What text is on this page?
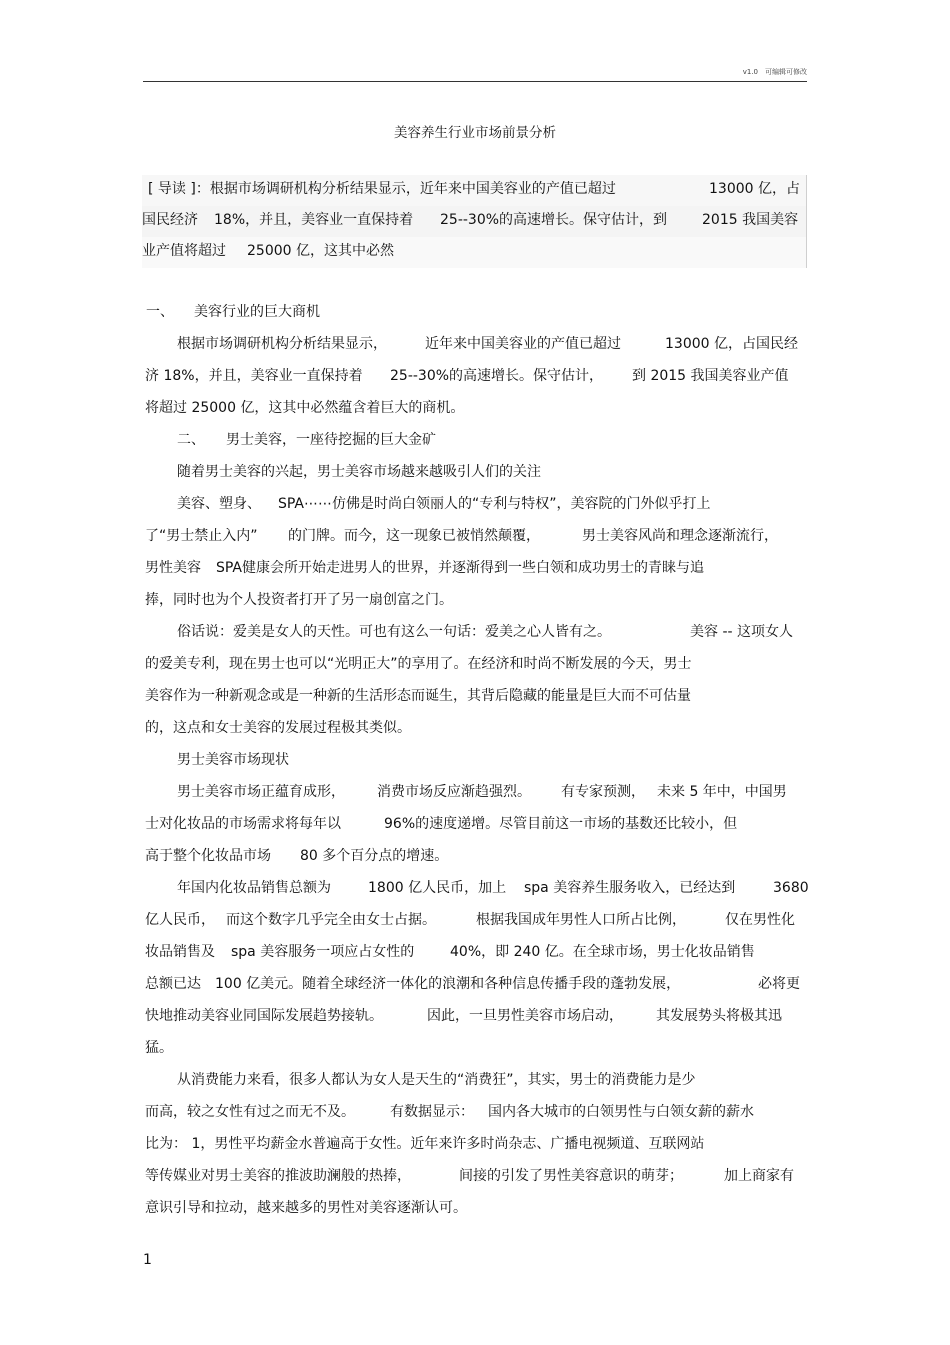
v1.0　可编辑可修改
美容养生行业市场前景分析
[ 导读 ]：根据市场调研机构分析结果显示，近年来中国美容业的产值已超过	13000 亿，占
国民经济 18%，并且，美容业一直保持着 25--30%的高速增长。保守估计，到 2015 我国美容
业产值将超过 25000 亿，这其中必然
一、 美容行业的巨大商机
根据市场调研机构分析结果显示，	近年来中国美容业的产值已超过	13000 亿，占国民经
济 18%，并且，美容业一直保持着 25--30%的高速增长。保守估计， 到 2015 我国美容业产值
将超过 25000 亿，这其中必然蕴含着巨大的商机。
二、 男士美容，一座待挖掘的巨大金矿
随着男士美容的兴起，男士美容市场越来越吸引人们的关注
美容、塑身、 SPA⋯⋯仿佛是时尚白领丽人的“专利与特权”，美容院的门外似乎打上
了“男士禁止入内” 的门牌。而今，这一现象已被悄然颠覆，	男士美容风尚和理念逐渐流行，
男性美容 SPA健康会所开始走进男人的世界，并逐渐得到一些白领和成功男士的青睐与追
捧，同时也为个人投资者打开了另一扇创富之门。
俗话说：爱美是女人的天性。可也有这么一句话：爱美之心人皆有之。	美容 -- 这项女人
的爱美专利，现在男士也可以“光明正大”的享用了。在经济和时尚不断发展的今天，男士
美容作为一种新观念或是一种新的生活形态而诞生，其背后隐藏的能量是巨大而不可估量
的，这点和女士美容的发展过程极其类似。
男士美容市场现状
男士美容市场正蕴育成形， 消费市场反应渐趋强烈。 有专家预测， 未来 5 年中，中国男
士对化妆品的市场需求将每年以	96%的速度递增。尽管目前这一市场的基数还比较小，但
高于整个化妆品市场 80 多个百分点的增速。
年国内化妆品销售总额为	1800 亿人民币，加上 spa 美容养生服务收入，已经达到	3680
亿人民币， 而这个数字几乎完全由女士占据。	根据我国成年男性人口所占比例，	仅在男性化
妆品销售及 spa 美容服务一项应占女性的	40%，即 240 亿。在全球市场，男士化妆品销售
总额已达 100 亿美元。随着全球经济一体化的浪潮和各种信息传播手段的蓬勃发展，	必将更
快地推动美容业同国际发展趋势接轨。	因此，一旦男性美容市场启动， 其发展势头将极其迅
猛。
从消费能力来看，很多人都认为女人是天生的“消费狂”，其实，男士的消费能力是少
而高，较之女性有过之而无不及。	有数据显示： 国内各大城市的白领男性与白领女薪的薪水
比为： 1，男性平均薪金水普遍高于女性。近年来许多时尚杂志、广播电视频道、互联网站
等传媒业对男士美容的推波助澜般的热捧，	间接的引发了男性美容意识的萌芽；	加上商家有
意识引导和拉动，越来越多的男性对美容逐渐认可。
1
